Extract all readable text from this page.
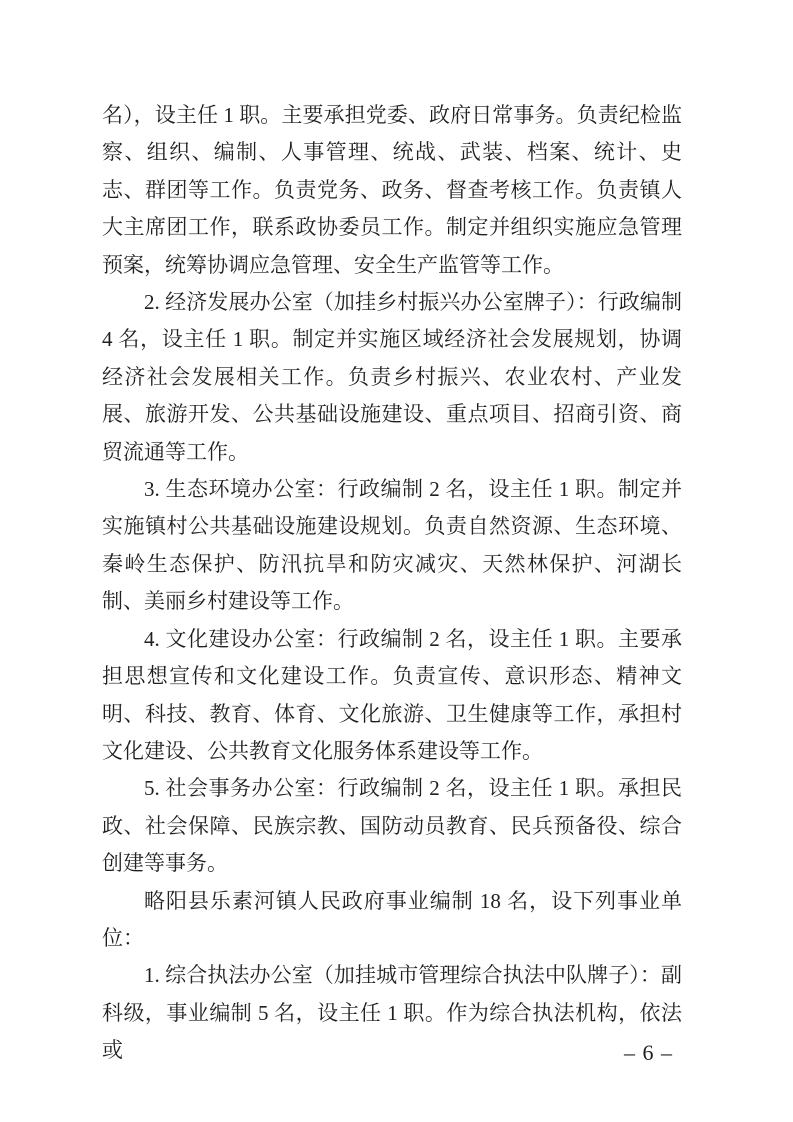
名），设主任 1 职。主要承担党委、政府日常事务。负责纪检监察、组织、编制、人事管理、统战、武装、档案、统计、史志、群团等工作。负责党务、政务、督查考核工作。负责镇人大主席团工作，联系政协委员工作。制定并组织实施应急管理预案，统筹协调应急管理、安全生产监管等工作。

2. 经济发展办公室（加挂乡村振兴办公室牌子）：行政编制 4 名，设主任 1 职。制定并实施区域经济社会发展规划，协调经济社会发展相关工作。负责乡村振兴、农业农村、产业发展、旅游开发、公共基础设施建设、重点项目、招商引资、商贸流通等工作。

3. 生态环境办公室：行政编制 2 名，设主任 1 职。制定并实施镇村公共基础设施建设规划。负责自然资源、生态环境、秦岭生态保护、防汛抗旱和防灾减灾、天然林保护、河湖长制、美丽乡村建设等工作。

4. 文化建设办公室：行政编制 2 名，设主任 1 职。主要承担思想宣传和文化建设工作。负责宣传、意识形态、精神文明、科技、教育、体育、文化旅游、卫生健康等工作，承担村文化建设、公共教育文化服务体系建设等工作。

5. 社会事务办公室：行政编制 2 名，设主任 1 职。承担民政、社会保障、民族宗教、国防动员教育、民兵预备役、综合创建等事务。

略阳县乐素河镇人民政府事业编制 18 名，设下列事业单位：

1. 综合执法办公室（加挂城市管理综合执法中队牌子）：副科级，事业编制 5 名，设主任 1 职。作为综合执法机构，依法或	– 6 –
